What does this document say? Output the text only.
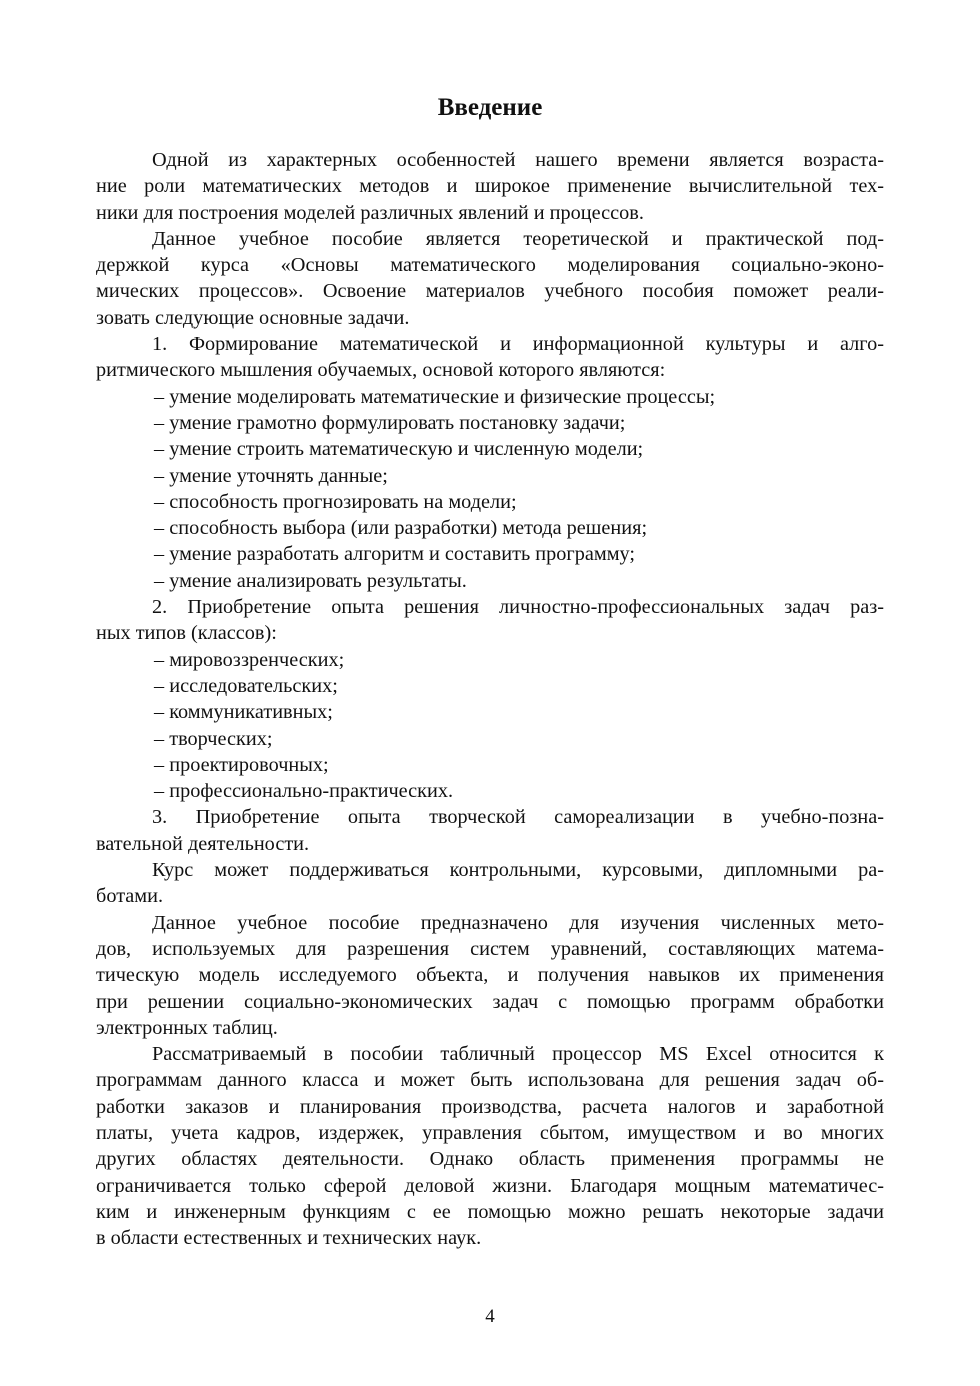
Введение
Одной из характерных особенностей нашего времени является возраста-
ние роли математических методов и широкое применение вычислительной тех-
ники для построения моделей различных явлений и процессов.
Данное учебное пособие является теоретической и практической под-
держкой курса «Основы математического моделирования социально-эконо-
мических процессов». Освоение материалов учебного пособия поможет реали-
зовать следующие основные задачи.
1. Формирование математической и информационной культуры и алго-
ритмического мышления обучаемых, основой которого являются:
– умение моделировать математические и физические процессы;
– умение грамотно формулировать постановку задачи;
– умение строить математическую и численную модели;
– умение уточнять данные;
– способность прогнозировать на модели;
– способность выбора (или разработки) метода решения;
– умение разработать алгоритм и составить программу;
– умение анализировать результаты.
2. Приобретение опыта решения личностно-профессиональных задач раз-
ных типов (классов):
– мировоззренческих;
– исследовательских;
– коммуникативных;
– творческих;
– проектировочных;
– профессионально-практических.
3. Приобретение опыта творческой самореализации в учебно-позна-
вательной деятельности.
Курс может поддерживаться контрольными, курсовыми, дипломными ра-
ботами.
Данное учебное пособие предназначено для изучения численных мето-
дов, используемых для разрешения систем уравнений, составляющих матема-
тическую модель исследуемого объекта, и получения навыков их применения
при решении социально-экономических задач с помощью программ обработки
электронных таблиц.
Рассматриваемый в пособии табличный процессор MS Excel относится к
программам данного класса и может быть использована для решения задач об-
работки заказов и планирования производства, расчета налогов и заработной
платы, учета кадров, издержек, управления сбытом, имуществом и во многих
других областях деятельности. Однако область применения программы не
ограничивается только сферой деловой жизни. Благодаря мощным математичес-
ким и инженерным функциям с ее помощью можно решать некоторые задачи
в области естественных и технических наук.
4
